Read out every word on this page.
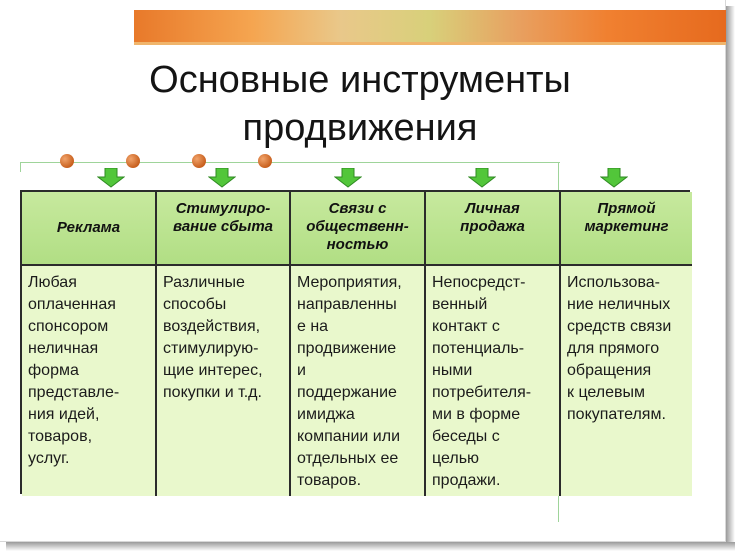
Основные инструменты
продвижения
Реклама
Стимулиро-
вание сбыта
Связи с
общественн-
ностью
Личная
продажа
Прямой
маркетинг
Любая
оплаченная
спонсором
неличная
форма
представле-
ния идей,
товаров,
услуг.
Различные
способы
воздействия,
стимулирую-
щие интерес,
покупки и т.д.
Мероприятия,
направленны
е на
продвижение
и
поддержание
имиджа
компании или
отдельных ее
товаров.
Непосредст-
венный
контакт с
потенциаль-
ными
потребителя-
ми в форме
беседы с
целью
продажи.
Использова-
ние неличных
средств связи
для прямого
обращения
к целевым
покупателям.
